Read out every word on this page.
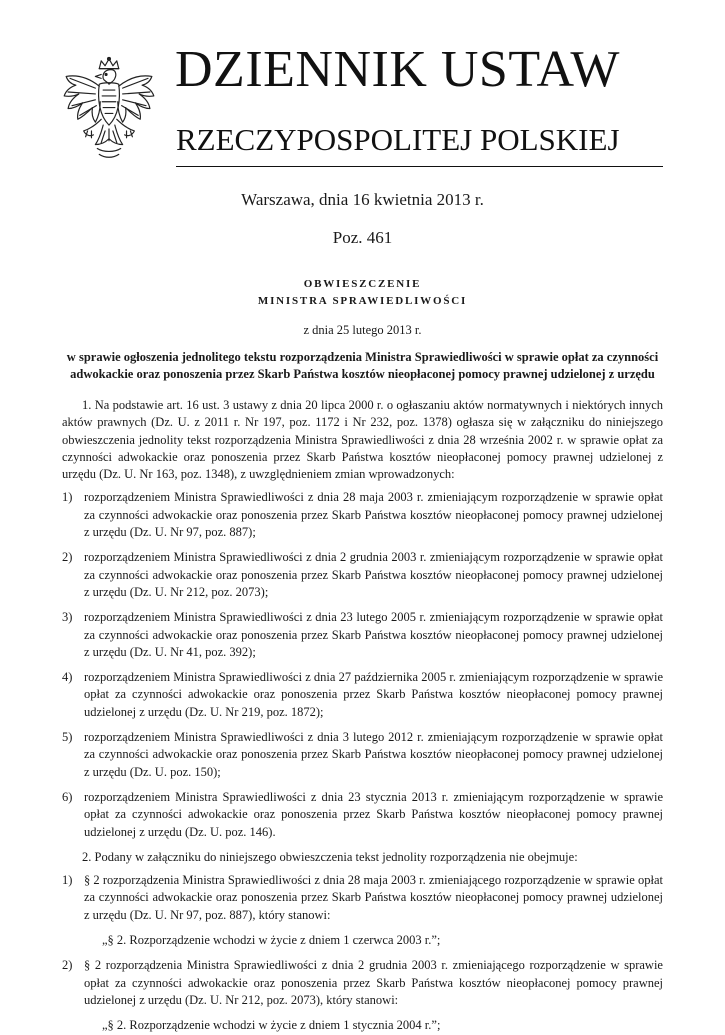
DZIENNIK USTAW
RZECZYPOSPOLITEJ POLSKIEJ
Warszawa, dnia 16 kwietnia 2013 r.
Poz. 461
OBWIESZCZENIE
MINISTRA SPRAWIEDLIWOŚCI
z dnia 25 lutego 2013 r.
w sprawie ogłoszenia jednolitego tekstu rozporządzenia Ministra Sprawiedliwości w sprawie opłat za czynności adwokackie oraz ponoszenia przez Skarb Państwa kosztów nieopłaconej pomocy prawnej udzielonej z urzędu

1. Na podstawie art. 16 ust. 3 ustawy z dnia 20 lipca 2000 r. o ogłaszaniu aktów normatywnych i niektórych innych aktów prawnych (Dz. U. z 2011 r. Nr 197, poz. 1172 i Nr 232, poz. 1378) ogłasza się w załączniku do niniejszego obwieszczenia jednolity tekst rozporządzenia Ministra Sprawiedliwości z dnia 28 września 2002 r. w sprawie opłat za czynności adwokackie oraz ponoszenia przez Skarb Państwa kosztów nieopłaconej pomocy prawnej udzielonej z urzędu (Dz. U. Nr 163, poz. 1348), z uwzględnieniem zmian wprowadzonych:

1) rozporządzeniem Ministra Sprawiedliwości z dnia 28 maja 2003 r. zmieniającym rozporządzenie w sprawie opłat za czynności adwokackie oraz ponoszenia przez Skarb Państwa kosztów nieopłaconej pomocy prawnej udzielonej z urzędu (Dz. U. Nr 97, poz. 887);
2) rozporządzeniem Ministra Sprawiedliwości z dnia 2 grudnia 2003 r. zmieniającym rozporządzenie w sprawie opłat za czynności adwokackie oraz ponoszenia przez Skarb Państwa kosztów nieopłaconej pomocy prawnej udzielonej z urzędu (Dz. U. Nr 212, poz. 2073);
3) rozporządzeniem Ministra Sprawiedliwości z dnia 23 lutego 2005 r. zmieniającym rozporządzenie w sprawie opłat za czynności adwokackie oraz ponoszenia przez Skarb Państwa kosztów nieopłaconej pomocy prawnej udzielonej z urzędu (Dz. U. Nr 41, poz. 392);
4) rozporządzeniem Ministra Sprawiedliwości z dnia 27 października 2005 r. zmieniającym rozporządzenie w sprawie opłat za czynności adwokackie oraz ponoszenia przez Skarb Państwa kosztów nieopłaconej pomocy prawnej udzielonej z urzędu (Dz. U. Nr 219, poz. 1872);
5) rozporządzeniem Ministra Sprawiedliwości z dnia 3 lutego 2012 r. zmieniającym rozporządzenie w sprawie opłat za czynności adwokackie oraz ponoszenia przez Skarb Państwa kosztów nieopłaconej pomocy prawnej udzielonej z urzędu (Dz. U. poz. 150);
6) rozporządzeniem Ministra Sprawiedliwości z dnia 23 stycznia 2013 r. zmieniającym rozporządzenie w sprawie opłat za czynności adwokackie oraz ponoszenia przez Skarb Państwa kosztów nieopłaconej pomocy prawnej udzielonej z urzędu (Dz. U. poz. 146).

2. Podany w załączniku do niniejszego obwieszczenia tekst jednolity rozporządzenia nie obejmuje:

1) § 2 rozporządzenia Ministra Sprawiedliwości z dnia 28 maja 2003 r. zmieniającego rozporządzenie w sprawie opłat za czynności adwokackie oraz ponoszenia przez Skarb Państwa kosztów nieopłaconej pomocy prawnej udzielonej z urzędu (Dz. U. Nr 97, poz. 887), który stanowi:

„§ 2. Rozporządzenie wchodzi w życie z dniem 1 czerwca 2003 r.”;

2) § 2 rozporządzenia Ministra Sprawiedliwości z dnia 2 grudnia 2003 r. zmieniającego rozporządzenie w sprawie opłat za czynności adwokackie oraz ponoszenia przez Skarb Państwa kosztów nieopłaconej pomocy prawnej udzielonej z urzędu (Dz. U. Nr 212, poz. 2073), który stanowi:

„§ 2. Rozporządzenie wchodzi w życie z dniem 1 stycznia 2004 r.”;
